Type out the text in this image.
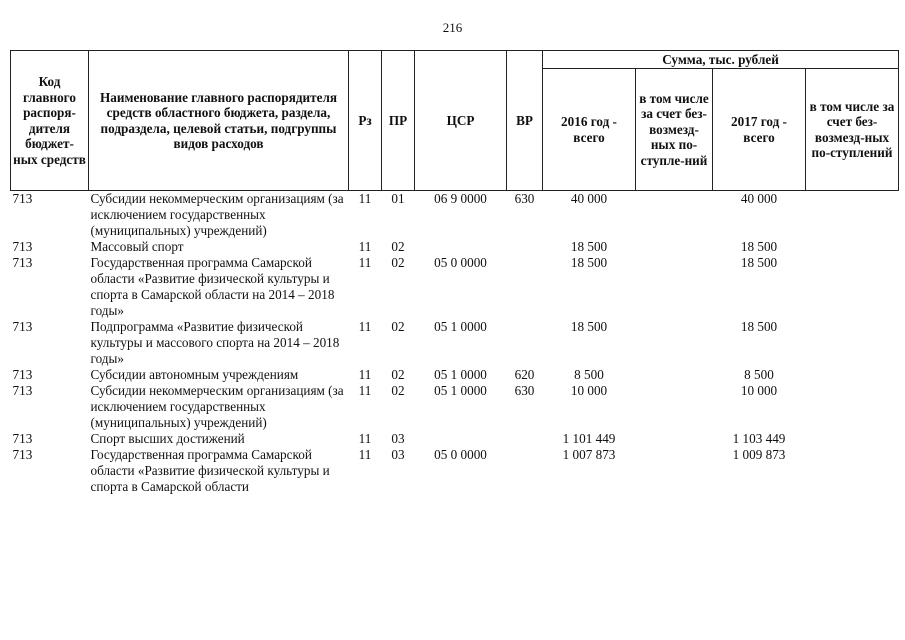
216
Код главного распоря-дителя бюджет-ных средств	Наименование главного распорядителя средств областного бюджета, раздела, подраздела, целевой статьи, подгруппы видов расходов	Рз	ПР	ЦСР	ВР	Сумма, тыс. рублей			
						2016 год - всего	в том числе за счет без-возмезд-ных по-ступле-ний	2017 год - всего	в том числе за счет без-возмезд-ных по-ступлений
713	Субсидии некоммерческим организациям (за исключением государственных (муниципальных) учреждений)	11	01	06 9 0000	630	40 000		40 000	
713	Массовый спорт	11	02			18 500		18 500	
713	Государственная программа Самарской области «Развитие физической культуры и спорта в Самарской области на 2014 – 2018 годы»	11	02	05 0 0000		18 500		18 500	
713	Подпрограмма «Развитие физической культуры и массового спорта на 2014 – 2018 годы»	11	02	05 1 0000		18 500		18 500	
713	Субсидии автономным учреждениям	11	02	05 1 0000	620	8 500		8 500	
713	Субсидии некоммерческим организациям (за исключением государственных (муниципальных) учреждений)	11	02	05 1 0000	630	10 000		10 000	
713	Спорт высших достижений	11	03			1 101 449		1 103 449	
713	Государственная программа Самарской области «Развитие физической культуры и спорта в Самарской области	11	03	05 0 0000		1 007 873		1 009 873	
